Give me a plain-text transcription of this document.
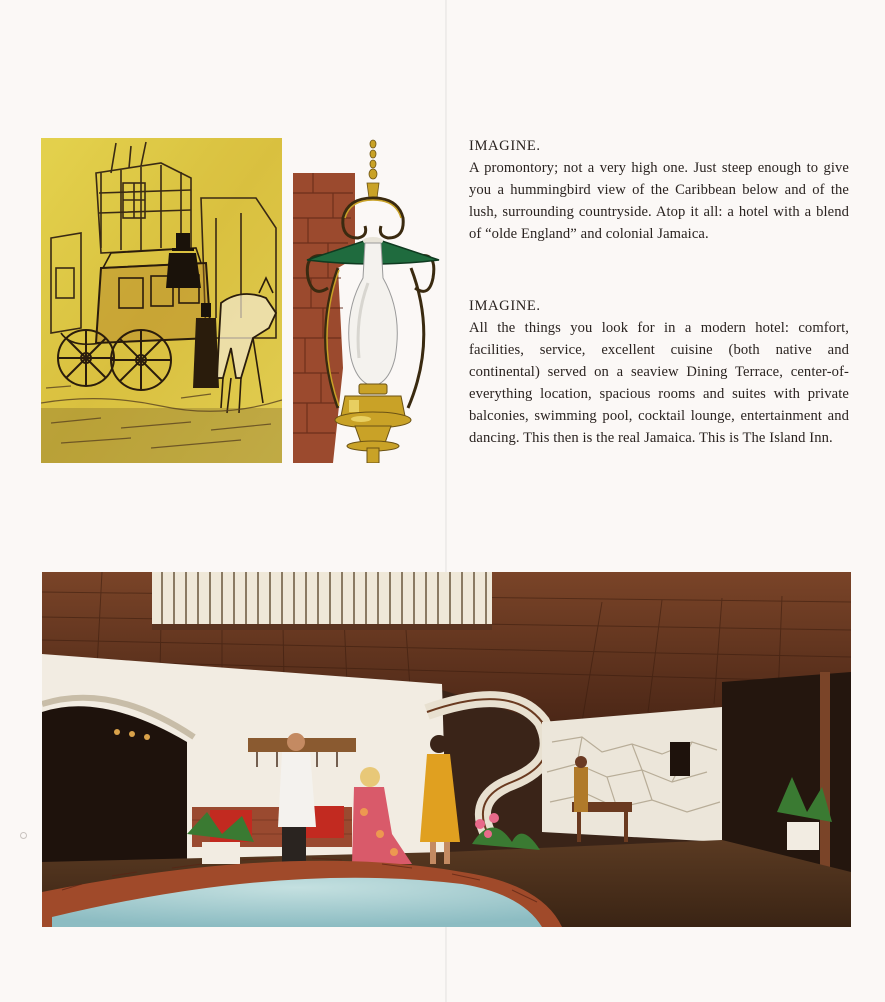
IMAGINE.
A promontory; not a very high one. Just steep enough to give you a hummingbird view of the Caribbean below and of the lush, surrounding countryside. Atop it all: a hotel with a blend of “olde England” and colonial Jamaica.
IMAGINE.
All the things you look for in a modern hotel: comfort, facilities, service, excellent cuisine (both native and continental) served on a seaview Dining Terrace, center-of-everything location, spacious rooms and suites with private balconies, swimming pool, cocktail lounge, entertainment and dancing. This then is the real Jamaica. This is The Island Inn.
